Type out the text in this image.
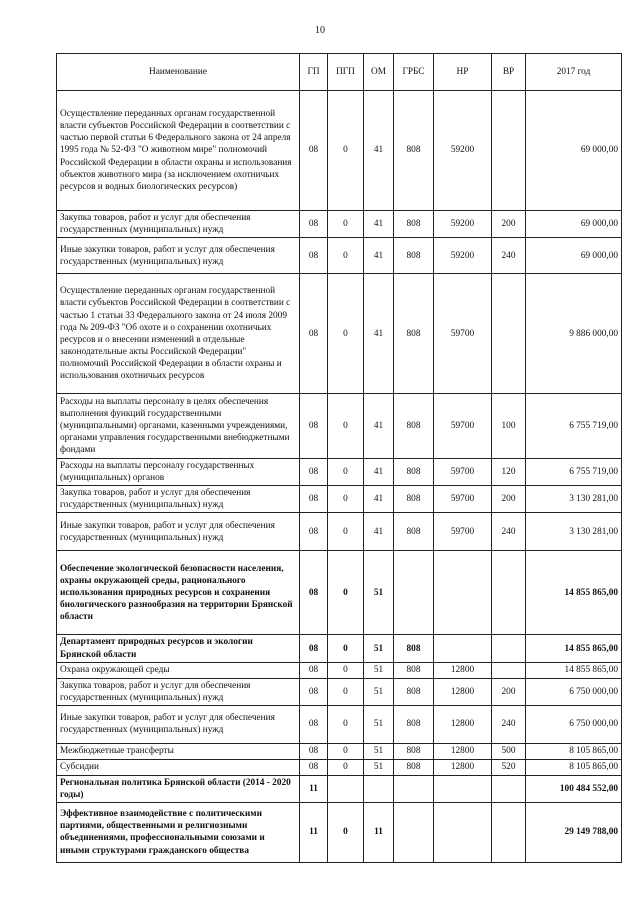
10
Наименование	ГП	ПГП	ОМ	ГРБС	НР	ВР	2017 год
Осуществление переданных органам государственной власти субъектов Российской Федерации в соответствии с частью первой статьи 6 Федерального закона от 24 апреля 1995 года № 52-ФЗ "О животном мире" полномочий Российской Федерации в области охраны и использования объектов животного мира (за исключением охотничьих ресурсов и водных биологических ресурсов)	08	0	41	808	59200		69 000,00
Закупка товаров, работ и услуг для обеспечения государственных (муниципальных) нужд	08	0	41	808	59200	200	69 000,00
Иные закупки товаров, работ и услуг для обеспечения государственных (муниципальных) нужд	08	0	41	808	59200	240	69 000,00
Осуществление переданных органам государственной власти субъектов Российской Федерации в соответствии с частью 1 статьи 33 Федерального закона от 24 июля 2009 года № 209-ФЗ "Об охоте и о сохранении охотничьих ресурсов и о внесении изменений в отдельные законодательные акты Российской Федерации" полномочий Российской Федерации в области охраны и использования охотничьих ресурсов	08	0	41	808	59700		9 886 000,00
Расходы на выплаты персоналу в целях обеспечения выполнения функций государственными (муниципальными) органами, казенными учреждениями, органами управления государственными внебюджетными фондами	08	0	41	808	59700	100	6 755 719,00
Расходы на выплаты персоналу государственных (муниципальных) органов	08	0	41	808	59700	120	6 755 719,00
Закупка товаров, работ и услуг для обеспечения государственных (муниципальных) нужд	08	0	41	808	59700	200	3 130 281,00
Иные закупки товаров, работ и услуг для обеспечения государственных (муниципальных) нужд	08	0	41	808	59700	240	3 130 281,00
Обеспечение экологической безопасности населения, охраны окружающей среды, рационального использования природных ресурсов и сохранения биологического разнообразия на территории Брянской области	08	0	51				14 855 865,00
Департамент природных ресурсов и экологии Брянской области	08	0	51	808			14 855 865,00
Охрана окружающей среды	08	0	51	808	12800		14 855 865,00
Закупка товаров, работ и услуг для обеспечения государственных (муниципальных) нужд	08	0	51	808	12800	200	6 750 000,00
Иные закупки товаров, работ и услуг для обеспечения государственных (муниципальных) нужд	08	0	51	808	12800	240	6 750 000,00
Межбюджетные трансферты	08	0	51	808	12800	500	8 105 865,00
Субсидии	08	0	51	808	12800	520	8 105 865,00
Региональная политика Брянской области (2014 - 2020 годы)	11						100 484 552,00
Эффективное взаимодействие с политическими партиями, общественными и религиозными объединениями, профессиональными союзами и иными структурами гражданского общества	11	0	11				29 149 788,00
